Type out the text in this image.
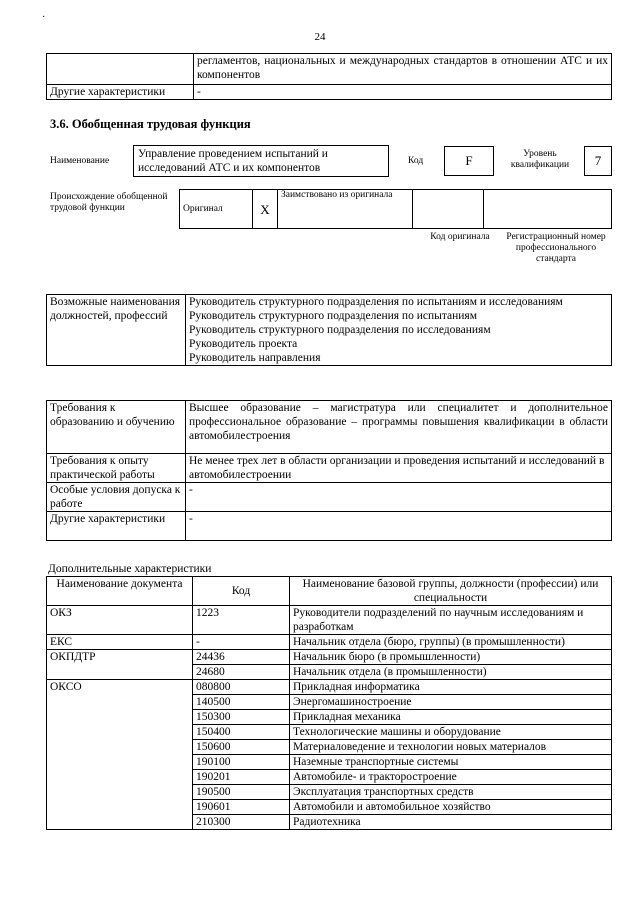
·
24
	регламентов, национальных и международных стандартов в отношении АТС и их компонентов
Другие характеристики	-
3.6. Обобщенная трудовая функция
Наименование
Управление проведением испытаний и исследований АТС и их компонентов
Код	F	Уровень квалификации	7
Происхождение обобщенной трудовой функции	Оригинал	X	Заимствовано из оригинала		
Код оригинала	Регистрационный номер профессионального стандарта
Возможные наименования должностей, профессий	
Руководитель структурного подразделения по испытаниям и исследованиям
Руководитель структурного подразделения по испытаниям
Руководитель структурного подразделения по исследованиям
Руководитель проекта
Руководитель направления
Требования к образованию и обучению	Высшее образование – магистратура или специалитет и дополнительное профессиональное образование – программы повышения квалификации в области автомобилестроения
Требования к опыту практической работы	Не менее трех лет в области организации и проведения испытаний и исследований в автомобилестроении
Особые условия допуска к работе	-
Другие характеристики	-
Дополнительные характеристики
Наименование документа	Код	Наименование базовой группы, должности (профессии) или специальности
ОКЗ	1223	Руководители подразделений по научным исследованиям и разработкам
ЕКС	-	Начальник отдела (бюро, группы) (в промышленности)
ОКПДТР	24436	Начальник бюро (в промышленности)
	24680	Начальник отдела (в промышленности)
ОКСО	080800	Прикладная информатика
	140500	Энергомашиностроение
	150300	Прикладная механика
	150400	Технологические машины и оборудование
	150600	Материаловедение и технологии новых материалов
	190100	Наземные транспортные системы
	190201	Автомобиле- и тракторостроение
	190500	Эксплуатация транспортных средств
	190601	Автомобили и автомобильное хозяйство
	210300	Радиотехника
